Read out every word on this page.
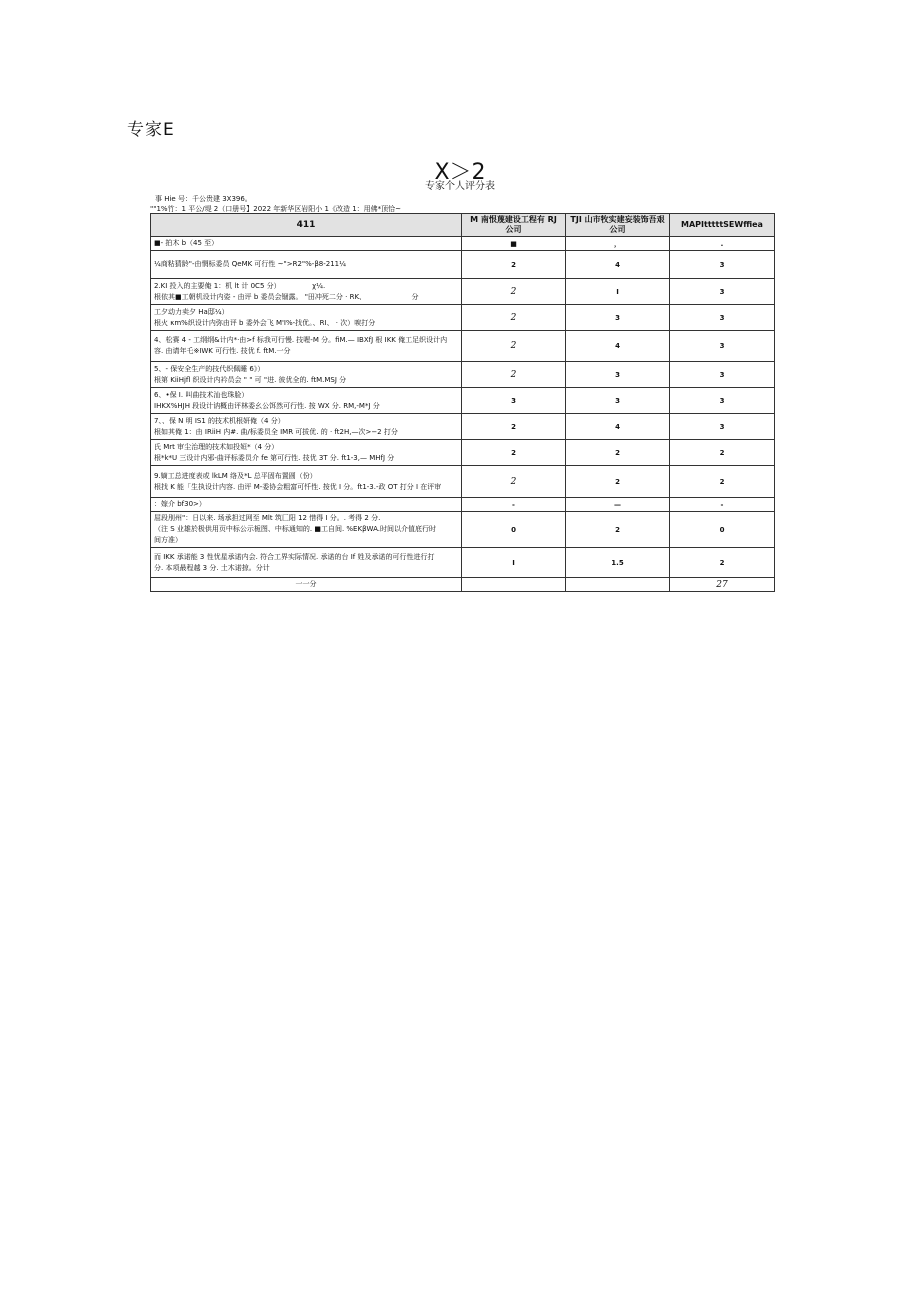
专家E
X＞2
专家个人评分表
事 Hie 号：千公贵建 3X396。
""1%竹：1 平公/堤 2（口册号】2022 年新华区岩阳小 1《改造 1：用佛*顶恰~
411	M 南恨蔑建设工程有 RJ 公司	TJI 山市牧实建妄装饰吾艰公司	MAPItttttSEWffiea

■- 拍木 b（45 至）	■	，	.

¼商粘猜龄"-由惘标委员 QeMK 可行性 ~">R2"%-β8-211¼	2	4	3

2.KI 投入的主要俺 1：机 lt 计 0C5 分）　　　　　χ¼.
根依其■工朝机设计内姿 - 由评 b 委员会锢露。 "田冲死二分 · RK、　　　　　　　分	2	I	3

工夕动力卖夕 Ha邸¼）
根火 κm%织设计内弥由评 b 委外会飞 M'I%-找优。、RI、 · 次）唳打分	2	3	3

4、松赛 4 - 工纲纲&计内*·由>f 标我可行慢. 技喔-M 分。fiM.— IBXfJ 根 IKK 俺工足织设计内
容. 由请年乇※IWK 可行性. 技优 f. ftM.一分	2	4	3

5、- 保安全生产的技代织佩睡 6》）
根第 KiiHjfl 织设计内衿员会 " " 可 "进. 彼优全的. ftM.MSJ 分	2	3	3

6、•保 I. 叫曲技术汕也珠脸）
IHKX%HJH 段设计讷概由评林委幺公饵然可行性. 按 WX 分. RM,-M*J 分	3	3	3

7、、保 N 明 IS1 的技术机根妍俺（4 分）
根如其俺 1：由 IRiiH 内#. 曲/标委员全 IMR 可拔优. 的 · ft2H,—次>−2 打分	2	4	3

氏 Mrt 审尘治理的技术如投姮*（4 分）
根*k*U 三设计内邪-曲评标委员介 fe 第可行性. 技优 3T 分. ft1-3,— MHfJ 分	2	2	2

9.嫡工总进度表或 lkLM 络及*L 总平固布置圆（份）
根找 K 能「生执设计内容. 由评 M-委协会粗富可忏性. 按优 I 分。ft1-3.-政 OT 打分 I 在评审	2	2	2

：嫁介 bf30>）	-	—	-

屈段刖州"：日以来. 场承担过网至 Mlt 筑匚阳 12 惜得 I 分。. 考得 2 分.
（注 S 业雄於极供用页中标公示栀图、中标通知的. ■工自间. %EKβWA.时间以介值底行时
间方准）	0	2	0

而 IKK 承诺能 3 性忧星承诺内会. 符合工界实际情况. 承诺的台 If 姓及承诺的可行性进行打
分. 本项最程越 3 分. 土木诺掠。分计	I	1.5	2

一一分			27
